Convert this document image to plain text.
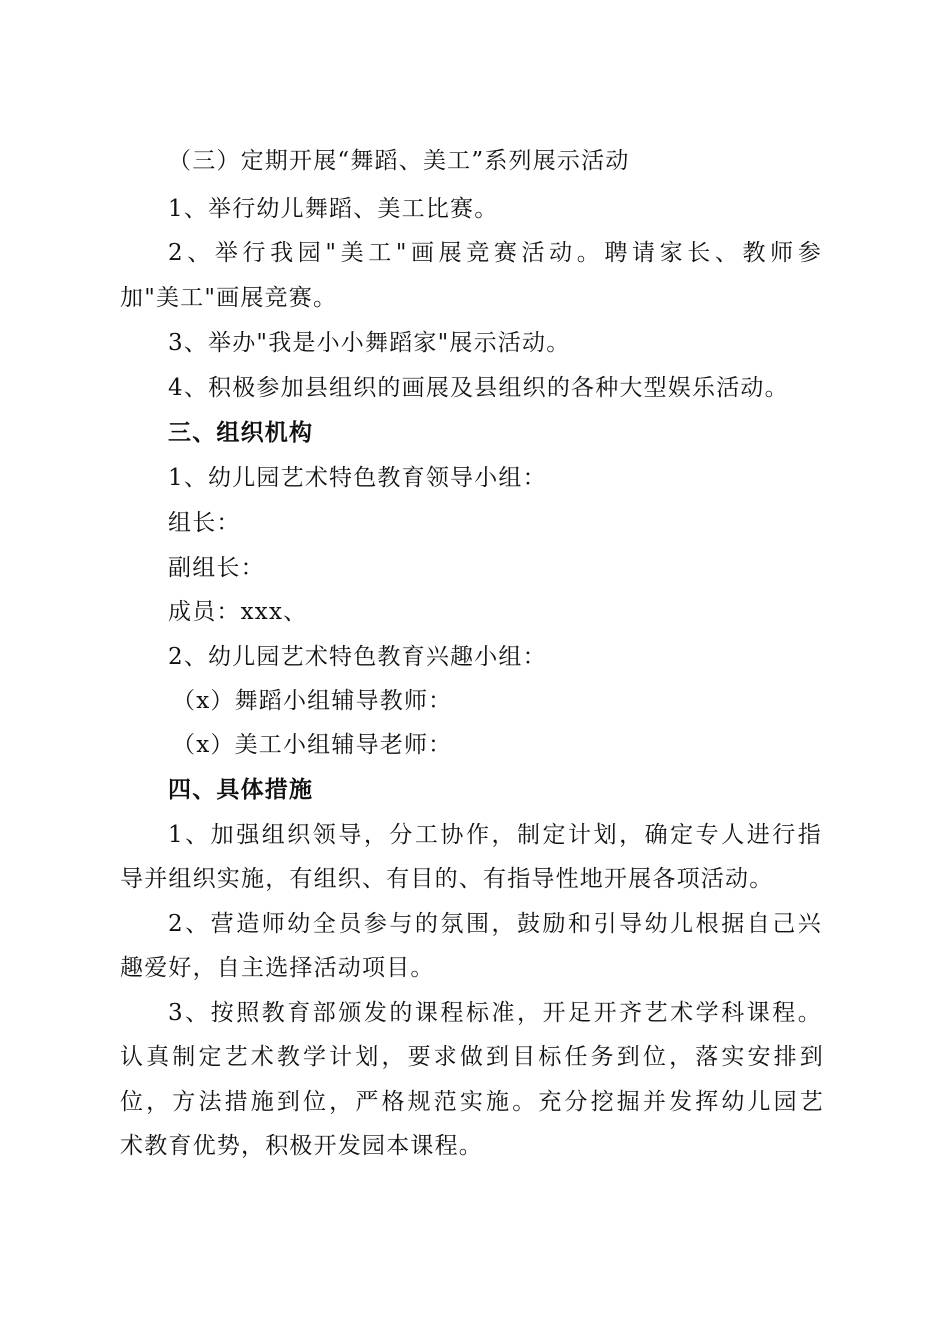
（三）定期开展“舞蹈、美工”系列展示活动
1、举行幼儿舞蹈、美工比赛。
2、举行我园"美工"画展竞赛活动。聘请家长、教师参
加"美工"画展竞赛。
3、举办"我是小小舞蹈家"展示活动。
4、积极参加县组织的画展及县组织的各种大型娱乐活动。
三、组织机构
1、幼儿园艺术特色教育领导小组：
组长：
副组长：
成员：xxx、
2、幼儿园艺术特色教育兴趣小组：
（x）舞蹈小组辅导教师：
（x）美工小组辅导老师：
四、具体措施
1、加强组织领导，分工协作，制定计划，确定专人进行指
导并组织实施，有组织、有目的、有指导性地开展各项活动。
2、营造师幼全员参与的氛围，鼓励和引导幼儿根据自己兴
趣爱好，自主选择活动项目。
3、按照教育部颁发的课程标准，开足开齐艺术学科课程。
认真制定艺术教学计划，要求做到目标任务到位，落实安排到
位，方法措施到位，严格规范实施。充分挖掘并发挥幼儿园艺
术教育优势，积极开发园本课程。
